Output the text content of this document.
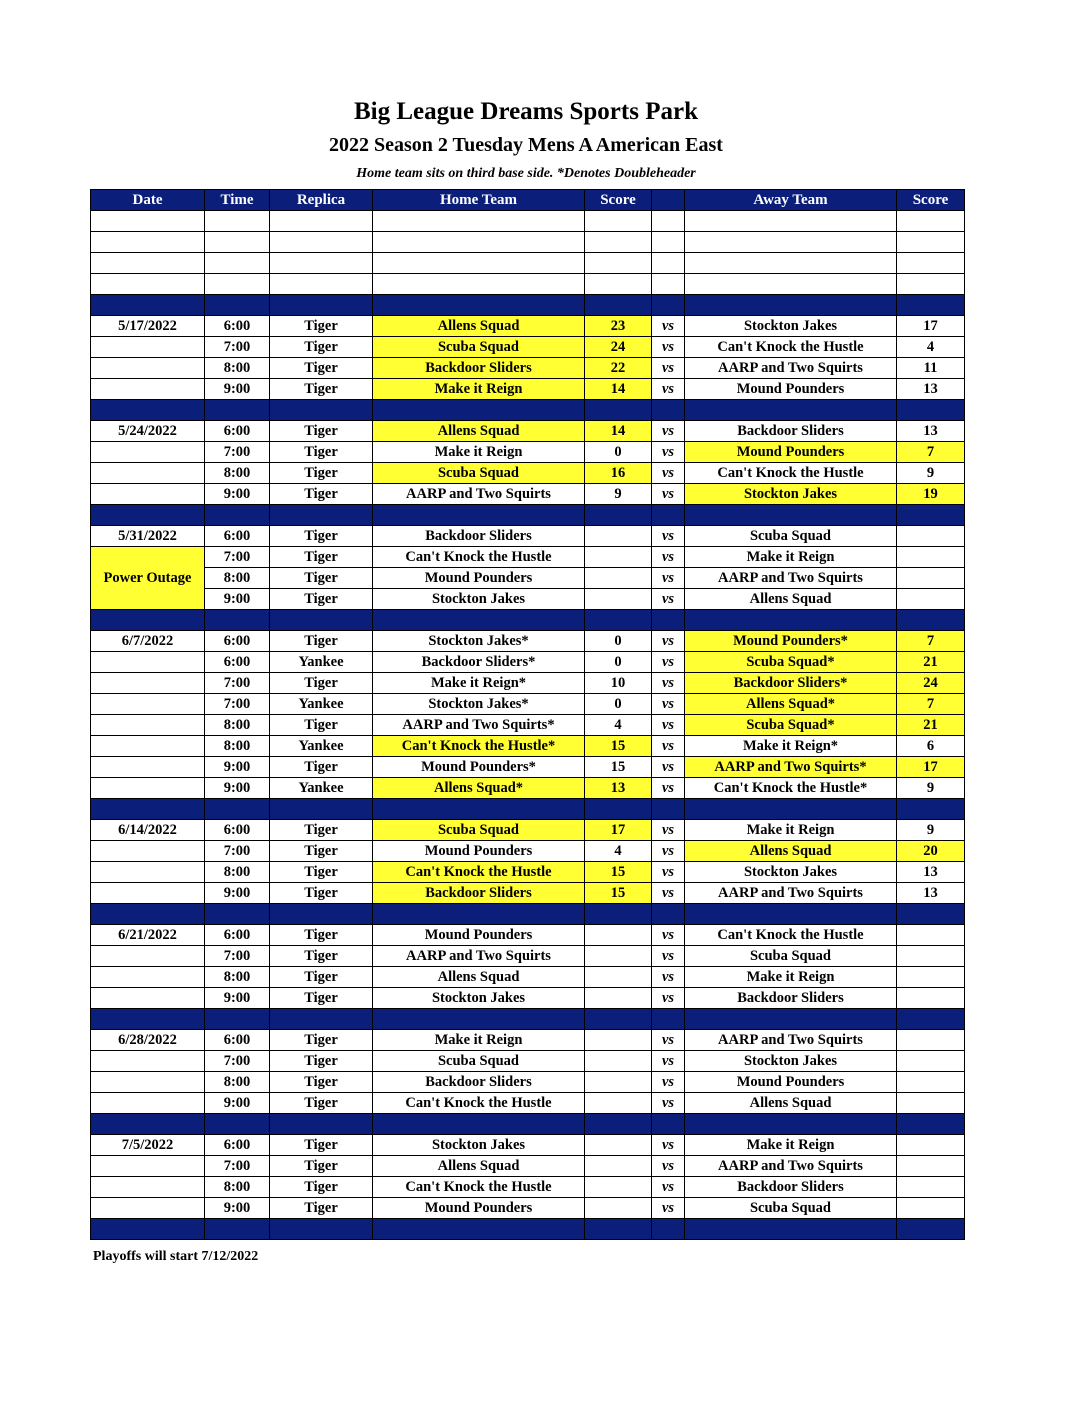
Big League Dreams Sports Park
2022 Season 2 Tuesday Mens A American East

Home team sits on third base side. *Denotes Doubleheader

Date	Time	Replica	Home Team	Score		Away Team	Score

5/17/2022	6:00	Tiger	Allens Squad	23	vs	Stockton Jakes	17
	7:00	Tiger	Scuba Squad	24	vs	Can't Knock the Hustle	4
	8:00	Tiger	Backdoor Sliders	22	vs	AARP and Two Squirts	11
	9:00	Tiger	Make it Reign	14	vs	Mound Pounders	13

5/24/2022	6:00	Tiger	Allens Squad	14	vs	Backdoor Sliders	13
	7:00	Tiger	Make it Reign	0	vs	Mound Pounders	7
	8:00	Tiger	Scuba Squad	16	vs	Can't Knock the Hustle	9
	9:00	Tiger	AARP and Two Squirts	9	vs	Stockton Jakes	19

5/31/2022	6:00	Tiger	Backdoor Sliders		vs	Scuba Squad	
Power Outage	7:00	Tiger	Can't Knock the Hustle		vs	Make it Reign	
	8:00	Tiger	Mound Pounders		vs	AARP and Two Squirts	
	9:00	Tiger	Stockton Jakes		vs	Allens Squad	

6/7/2022	6:00	Tiger	Stockton Jakes*	0	vs	Mound Pounders*	7
	6:00	Yankee	Backdoor Sliders*	0	vs	Scuba Squad*	21
	7:00	Tiger	Make it Reign*	10	vs	Backdoor Sliders*	24
	7:00	Yankee	Stockton Jakes*	0	vs	Allens Squad*	7
	8:00	Tiger	AARP and Two Squirts*	4	vs	Scuba Squad*	21
	8:00	Yankee	Can't Knock the Hustle*	15	vs	Make it Reign*	6
	9:00	Tiger	Mound Pounders*	15	vs	AARP and Two Squirts*	17
	9:00	Yankee	Allens Squad*	13	vs	Can't Knock the Hustle*	9

6/14/2022	6:00	Tiger	Scuba Squad	17	vs	Make it Reign	9
	7:00	Tiger	Mound Pounders	4	vs	Allens Squad	20
	8:00	Tiger	Can't Knock the Hustle	15	vs	Stockton Jakes	13
	9:00	Tiger	Backdoor Sliders	15	vs	AARP and Two Squirts	13

6/21/2022	6:00	Tiger	Mound Pounders		vs	Can't Knock the Hustle	
	7:00	Tiger	AARP and Two Squirts		vs	Scuba Squad	
	8:00	Tiger	Allens Squad		vs	Make it Reign	
	9:00	Tiger	Stockton Jakes		vs	Backdoor Sliders	

6/28/2022	6:00	Tiger	Make it Reign		vs	AARP and Two Squirts	
	7:00	Tiger	Scuba Squad		vs	Stockton Jakes	
	8:00	Tiger	Backdoor Sliders		vs	Mound Pounders	
	9:00	Tiger	Can't Knock the Hustle		vs	Allens Squad	

7/5/2022	6:00	Tiger	Stockton Jakes		vs	Make it Reign	
	7:00	Tiger	Allens Squad		vs	AARP and Two Squirts	
	8:00	Tiger	Can't Knock the Hustle		vs	Backdoor Sliders	
	9:00	Tiger	Mound Pounders		vs	Scuba Squad	

Playoffs will start 7/12/2022
